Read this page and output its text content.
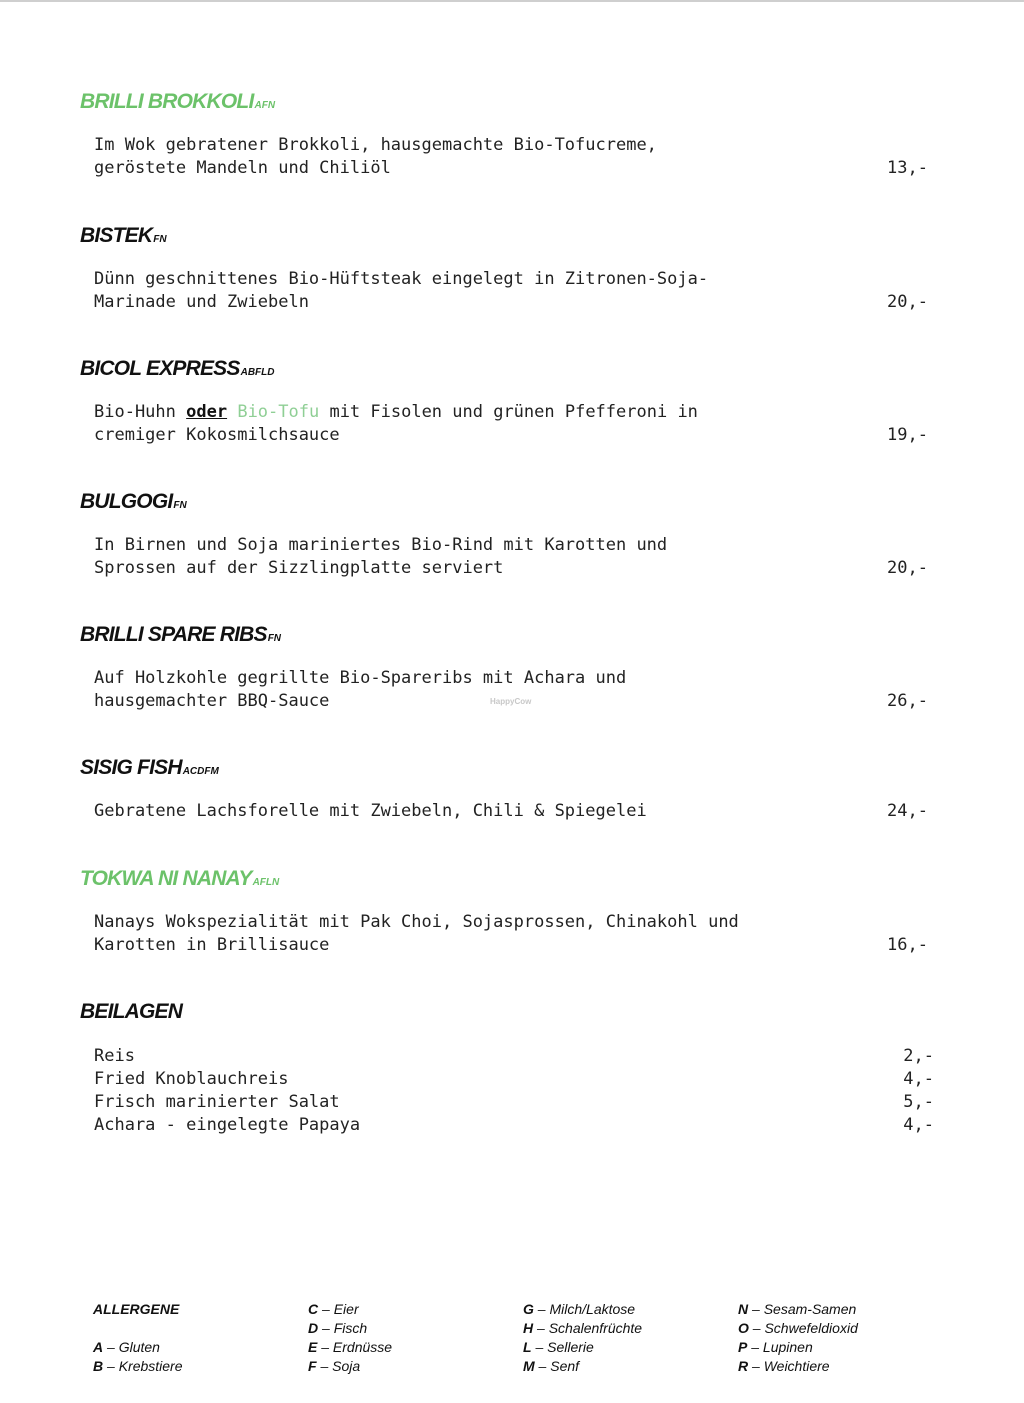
BRILLI BROKKOLIAFN
Im Wok gebratener Brokkoli, hausgemachte Bio-Tofucreme,
geröstete Mandeln und Chiliöl	13,-
BISTEKFN
Dünn geschnittenes Bio-Hüftsteak eingelegt in Zitronen-Soja-
Marinade und Zwiebeln	20,-
BICOL EXPRESSABFLD
Bio-Huhn oder Bio-Tofu mit Fisolen und grünen Pfefferoni in
cremiger Kokosmilchsauce	19,-
BULGOGIFN
In Birnen und Soja mariniertes Bio-Rind mit Karotten und
Sprossen auf der Sizzlingplatte serviert	20,-
BRILLI SPARE RIBSFN
Auf Holzkohle gegrillte Bio-Spareribs mit Achara und
hausgemachter BBQ-Sauce	26,-
HappyCow
SISIG FISHACDFM
Gebratene Lachsforelle mit Zwiebeln, Chili & Spiegelei	24,-
TOKWA NI NANAYAFLN
Nanays Wokspezialität mit Pak Choi, Sojasprossen, Chinakohl und
Karotten in Brillisauce	16,-
BEILAGEN
Reis	2,-
Fried Knoblauchreis	4,-
Frisch marinierter Salat	5,-
Achara - eingelegte Papaya	4,-
ALLERGENE
A – Gluten
B – Krebstiere
C – Eier
D – Fisch
E – Erdnüsse
F – Soja
G – Milch/Laktose
H – Schalenfrüchte
L – Sellerie
M – Senf
N – Sesam-Samen
O – Schwefeldioxid
P – Lupinen
R – Weichtiere
